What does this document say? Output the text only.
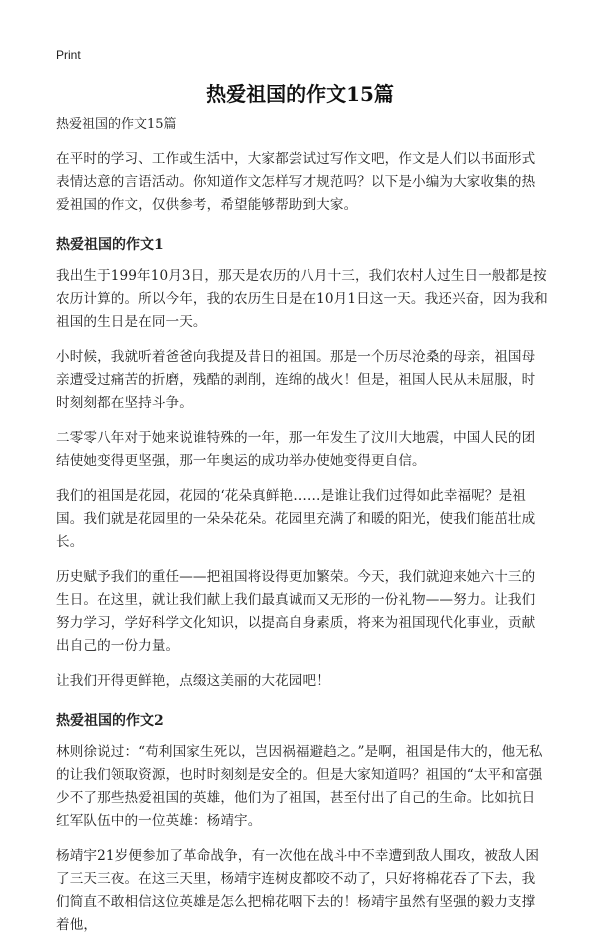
Print
热爱祖国的作文15篇

热爱祖国的作文15篇

在平时的学习、工作或生活中，大家都尝试过写作文吧，作文是人们以书面形式表情达意的言语活动。你知道作文怎样写才规范吗？以下是小编为大家收集的热爱祖国的作文，仅供参考，希望能够帮助到大家。

热爱祖国的作文1

我出生于199年10月3日，那天是农历的八月十三，我们农村人过生日一般都是按农历计算的。所以今年，我的农历生日是在10月1日这一天。我还兴奋，因为我和祖国的生日是在同一天。

小时候，我就听着爸爸向我提及昔日的祖国。那是一个历尽沧桑的母亲，祖国母亲遭受过痛苦的折磨，残酷的剥削，连绵的战火！但是，祖国人民从未屈服，时时刻刻都在坚持斗争。

二零零八年对于她来说谁特殊的一年，那一年发生了汶川大地震，中国人民的团结使她变得更坚强，那一年奥运的成功举办使她变得更自信。

我们的祖国是花园，花园的‘花朵真鲜艳……是谁让我们过得如此幸福呢？是祖国。我们就是花园里的一朵朵花朵。花园里充满了和暖的阳光，使我们能茁壮成长。

历史赋予我们的重任——把祖国将设得更加繁荣。今天，我们就迎来她六十三的生日。在这里，就让我们献上我们最真诚而又无形的一份礼物——努力。让我们努力学习，学好科学文化知识，以提高自身素质，将来为祖国现代化事业，贡献出自己的一份力量。

让我们开得更鲜艳，点缀这美丽的大花园吧！

热爱祖国的作文2

林则徐说过：“苟利国家生死以，岂因祸福避趋之。”是啊，祖国是伟大的，他无私的让我们领取资源，也时时刻刻是安全的。但是大家知道吗？祖国的“太平和富强少不了那些热爱祖国的英雄，他们为了祖国，甚至付出了自己的生命。比如抗日红军队伍中的一位英雄：杨靖宇。

杨靖宇21岁便参加了革命战争，有一次他在战斗中不幸遭到敌人围攻，被敌人困了三天三夜。在这三天里，杨靖宇连树皮都咬不动了，只好将棉花吞了下去，我们简直不敢相信这位英雄是怎么把棉花咽下去的！杨靖宇虽然有坚强的毅力支撑着他，
